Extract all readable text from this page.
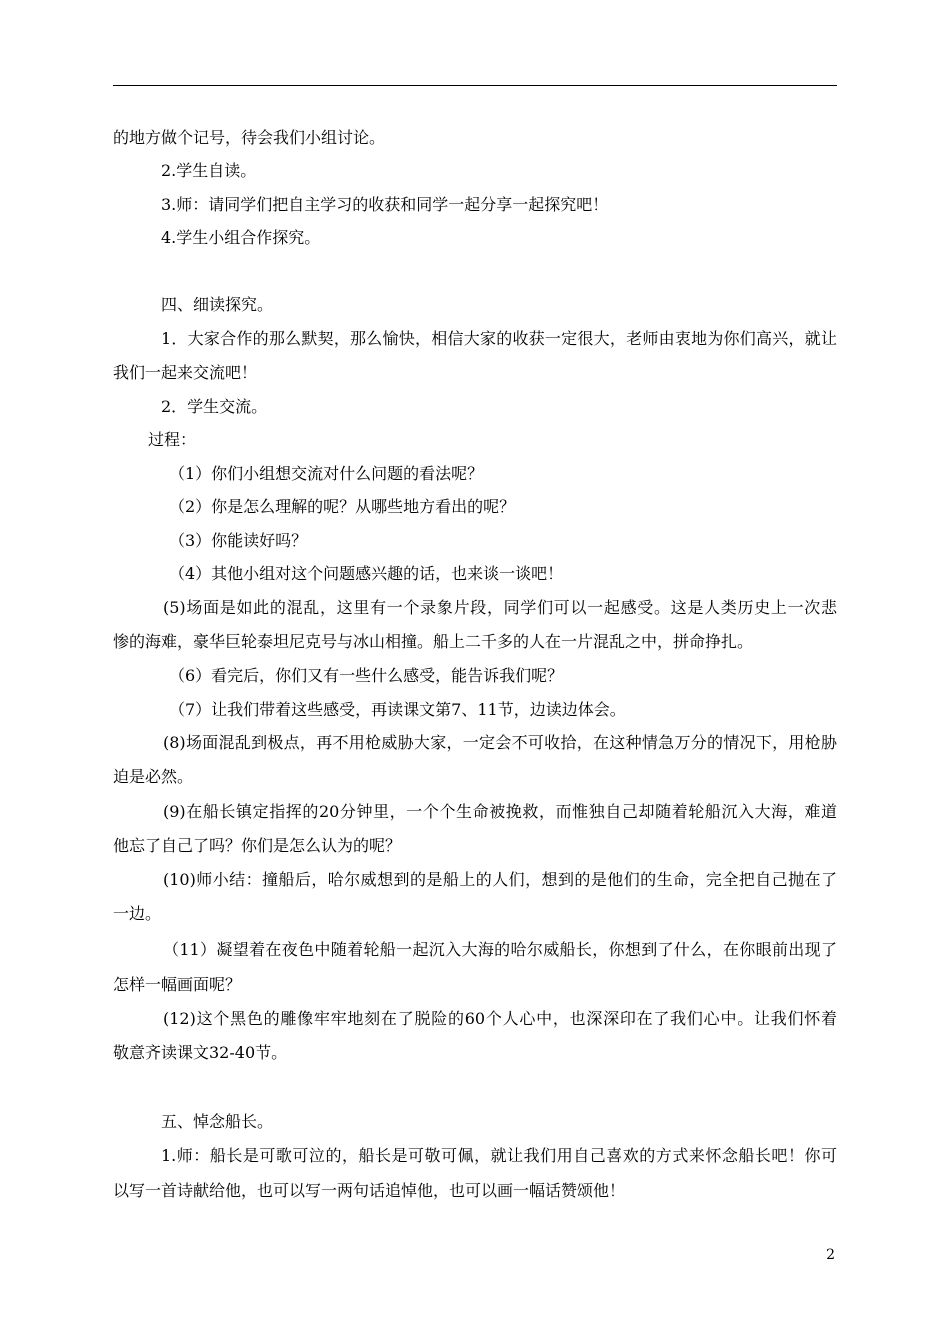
的地方做个记号，待会我们小组讨论。
2.学生自读。
3.师：请同学们把自主学习的收获和同学一起分享一起探究吧！
4.学生小组合作探究。
四、细读探究。
1．大家合作的那么默契，那么愉快，相信大家的收获一定很大，老师由衷地为你们高兴，就让
我们一起来交流吧！
2．学生交流。
过程：
（1）你们小组想交流对什么问题的看法呢？
（2）你是怎么理解的呢？从哪些地方看出的呢？
（3）你能读好吗？
（4）其他小组对这个问题感兴趣的话，也来谈一谈吧！
(5)场面是如此的混乱，这里有一个录象片段，同学们可以一起感受。这是人类历史上一次悲
惨的海难，豪华巨轮泰坦尼克号与冰山相撞。船上二千多的人在一片混乱之中，拼命挣扎。
（6）看完后，你们又有一些什么感受，能告诉我们呢？
（7）让我们带着这些感受，再读课文第7、11节，边读边体会。
(8)场面混乱到极点，再不用枪威胁大家，一定会不可收拾，在这种情急万分的情况下，用枪胁
迫是必然。
(9)在船长镇定指挥的20分钟里，一个个生命被挽救，而惟独自己却随着轮船沉入大海，难道
他忘了自己了吗？你们是怎么认为的呢？
(10)师小结：撞船后，哈尔威想到的是船上的人们，想到的是他们的生命，完全把自己抛在了
一边。
（11）凝望着在夜色中随着轮船一起沉入大海的哈尔威船长，你想到了什么，在你眼前出现了
怎样一幅画面呢？
(12)这个黑色的雕像牢牢地刻在了脱险的60个人心中，也深深印在了我们心中。让我们怀着
敬意齐读课文32-40节。
五、悼念船长。
1.师：船长是可歌可泣的，船长是可敬可佩，就让我们用自己喜欢的方式来怀念船长吧！你可
以写一首诗献给他，也可以写一两句话追悼他，也可以画一幅话赞颂他！
2
